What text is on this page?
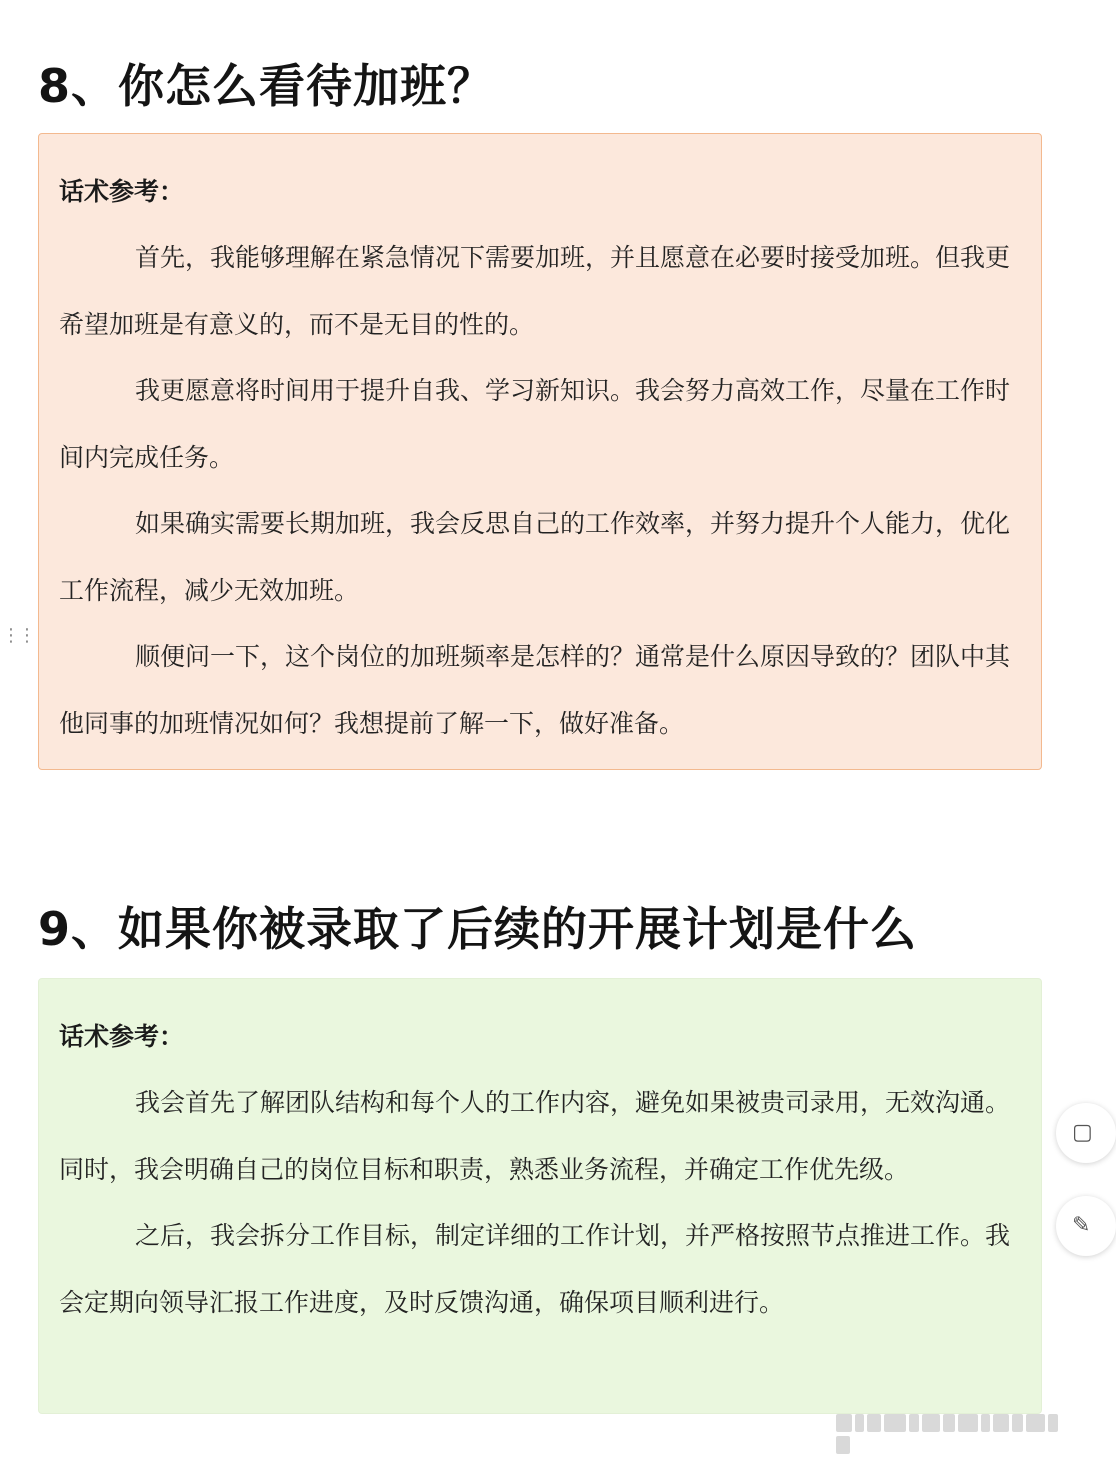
8、你怎么看待加班？
话术参考：

首先，我能够理解在紧急情况下需要加班，并且愿意在必要时接受加班。但我更希望加班是有意义的，而不是无目的性的。

我更愿意将时间用于提升自我、学习新知识。我会努力高效工作，尽量在工作时间内完成任务。

如果确实需要长期加班，我会反思自己的工作效率，并努力提升个人能力，优化工作流程，减少无效加班。

顺便问一下，这个岗位的加班频率是怎样的？通常是什么原因导致的？团队中其他同事的加班情况如何？我想提前了解一下，做好准备。

⋮⋮
9、如果你被录取了后续的开展计划是什么
话术参考：

我会首先了解团队结构和每个人的工作内容，避免如果被贵司录用，无效沟通。同时，我会明确自己的岗位目标和职责，熟悉业务流程，并确定工作优先级。

之后，我会拆分工作目标，制定详细的工作计划，并严格按照节点推进工作。我会定期向领导汇报工作进度，及时反馈沟通，确保项目顺利进行。

▢
✎
